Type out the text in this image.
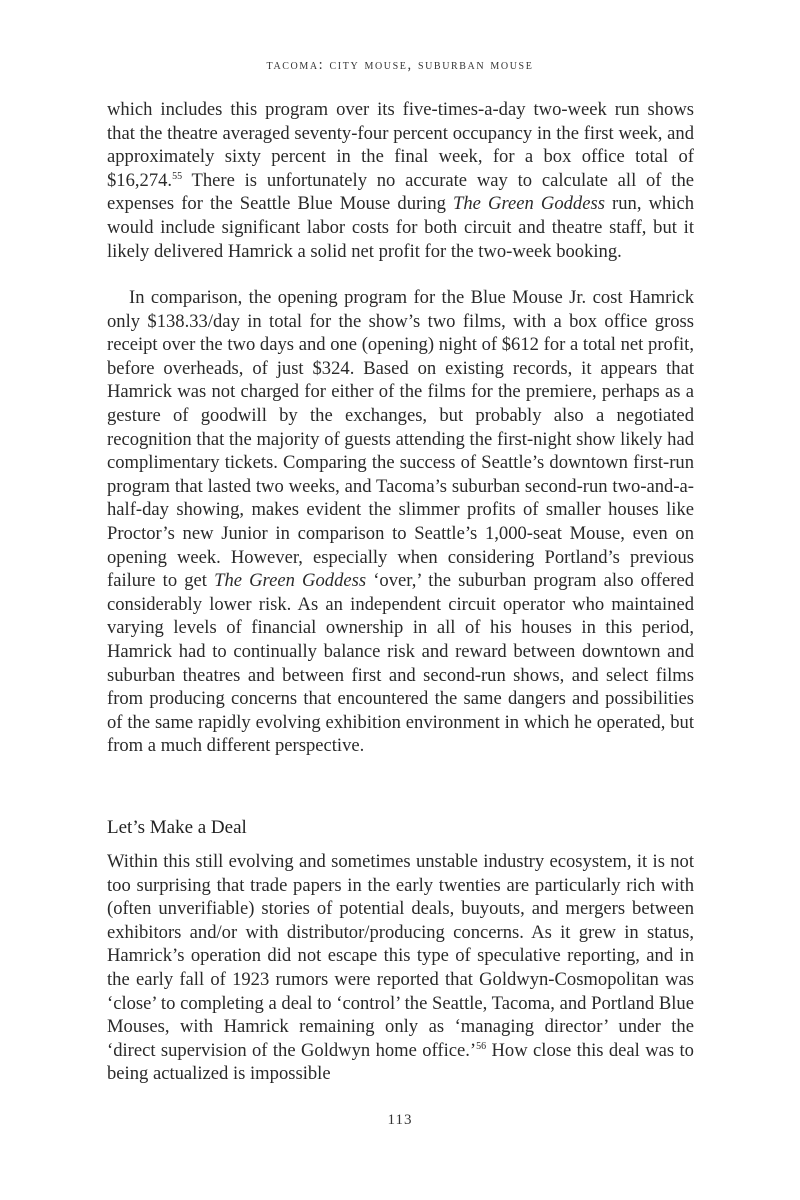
tacoma: city mouse, suburban mouse

which includes this program over its five-times-a-day two-week run shows that the theatre averaged seventy-four percent occupancy in the first week, and approximately sixty percent in the final week, for a box office total of $16,274.55 There is unfortunately no accurate way to calculate all of the expenses for the Seattle Blue Mouse during The Green Goddess run, which would include significant labor costs for both circuit and theatre staff, but it likely delivered Hamrick a solid net profit for the two-week booking.

In comparison, the opening program for the Blue Mouse Jr. cost Hamrick only $138.33/day in total for the show’s two films, with a box office gross receipt over the two days and one (opening) night of $612 for a total net profit, before overheads, of just $324. Based on existing records, it appears that Hamrick was not charged for either of the films for the premiere, perhaps as a gesture of goodwill by the exchanges, but probably also a negotiated recognition that the majority of guests attending the first-night show likely had complimentary tickets. Comparing the success of Seattle’s downtown first-run program that lasted two weeks, and Tacoma’s suburban second-run two-and-a-half-day showing, makes evident the slimmer profits of smaller houses like Proctor’s new Junior in comparison to Seattle’s 1,000-seat Mouse, even on opening week. However, especially when considering Portland’s previous failure to get The Green Goddess ‘over,’ the suburban program also offered considerably lower risk. As an independent circuit operator who maintained varying levels of financial ownership in all of his houses in this period, Hamrick had to continually balance risk and reward between downtown and suburban theatres and between first and second-run shows, and select films from producing concerns that encountered the same dangers and possibilities of the same rapidly evolving exhibition environment in which he operated, but from a much different perspective.

Let’s Make a Deal

Within this still evolving and sometimes unstable industry ecosystem, it is not too surprising that trade papers in the early twenties are particularly rich with (often unverifiable) stories of potential deals, buyouts, and mergers between exhibitors and/or with distributor/producing concerns. As it grew in status, Hamrick’s operation did not escape this type of speculative reporting, and in the early fall of 1923 rumors were reported that Goldwyn-Cosmopolitan was ‘close’ to completing a deal to ‘control’ the Seattle, Tacoma, and Portland Blue Mouses, with Hamrick remaining only as ‘managing director’ under the ‘direct supervision of the Goldwyn home office.’$^{56}$ How close this deal was to being actualized is impossible

113
